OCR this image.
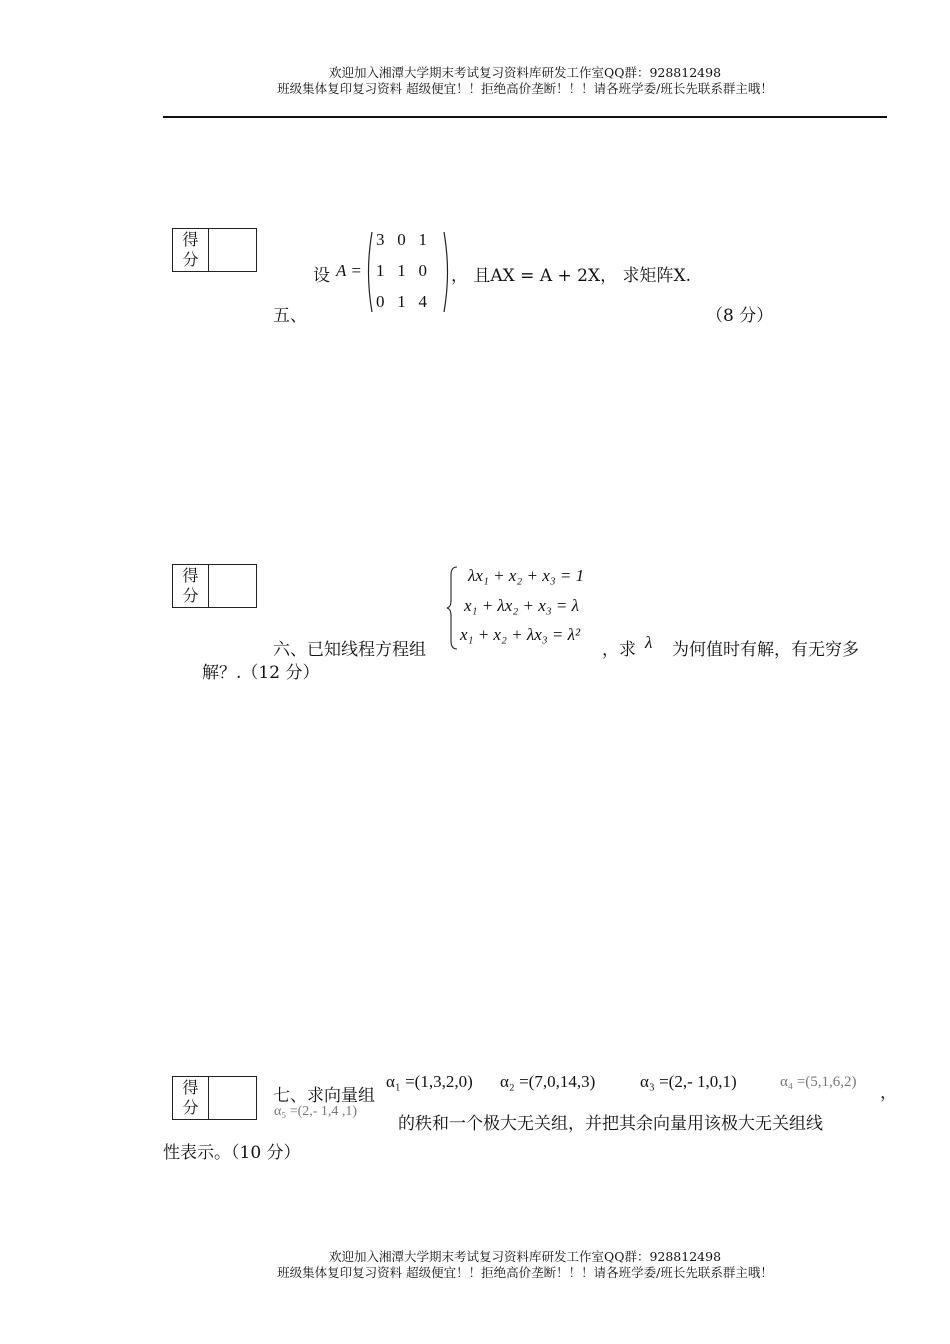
欢迎加入湘潭大学期末考试复习资料库研发工作室QQ群：928812498
班级集体复印复习资料 超级便宜！！拒绝高价垄断！！！请各班学委/班长先联系群主哦！
得
分
设 A =
3   0   1
1   1   0
0   1   4
， 且AX = A + 2X， 求矩阵X.
五、	（8 分）
得
分
λx₁ + x₂ + x₃ = 1
x₁ + λx₂ + x₃ = λ
x₁ + x₂ + λx₃ = λ²
六、已知线程方程组	，求 λ 为何值时有解，有无穷多
解？.（12 分）
得
分
七、求向量组
α₁ =(1,3,2,0) α₂ =(7,0,14,3)	α₃ =(2,- 1,0,1)	α₄ =(5,1,6,2)
，
α₅ =(2,- 1,4 ,1)
的秩和一个极大无关组，并把其余向量用该极大无关组线
性表示。（10 分）
欢迎加入湘潭大学期末考试复习资料库研发工作室QQ群：928812498
班级集体复印复习资料 超级便宜！！拒绝高价垄断！！！请各班学委/班长先联系群主哦！
